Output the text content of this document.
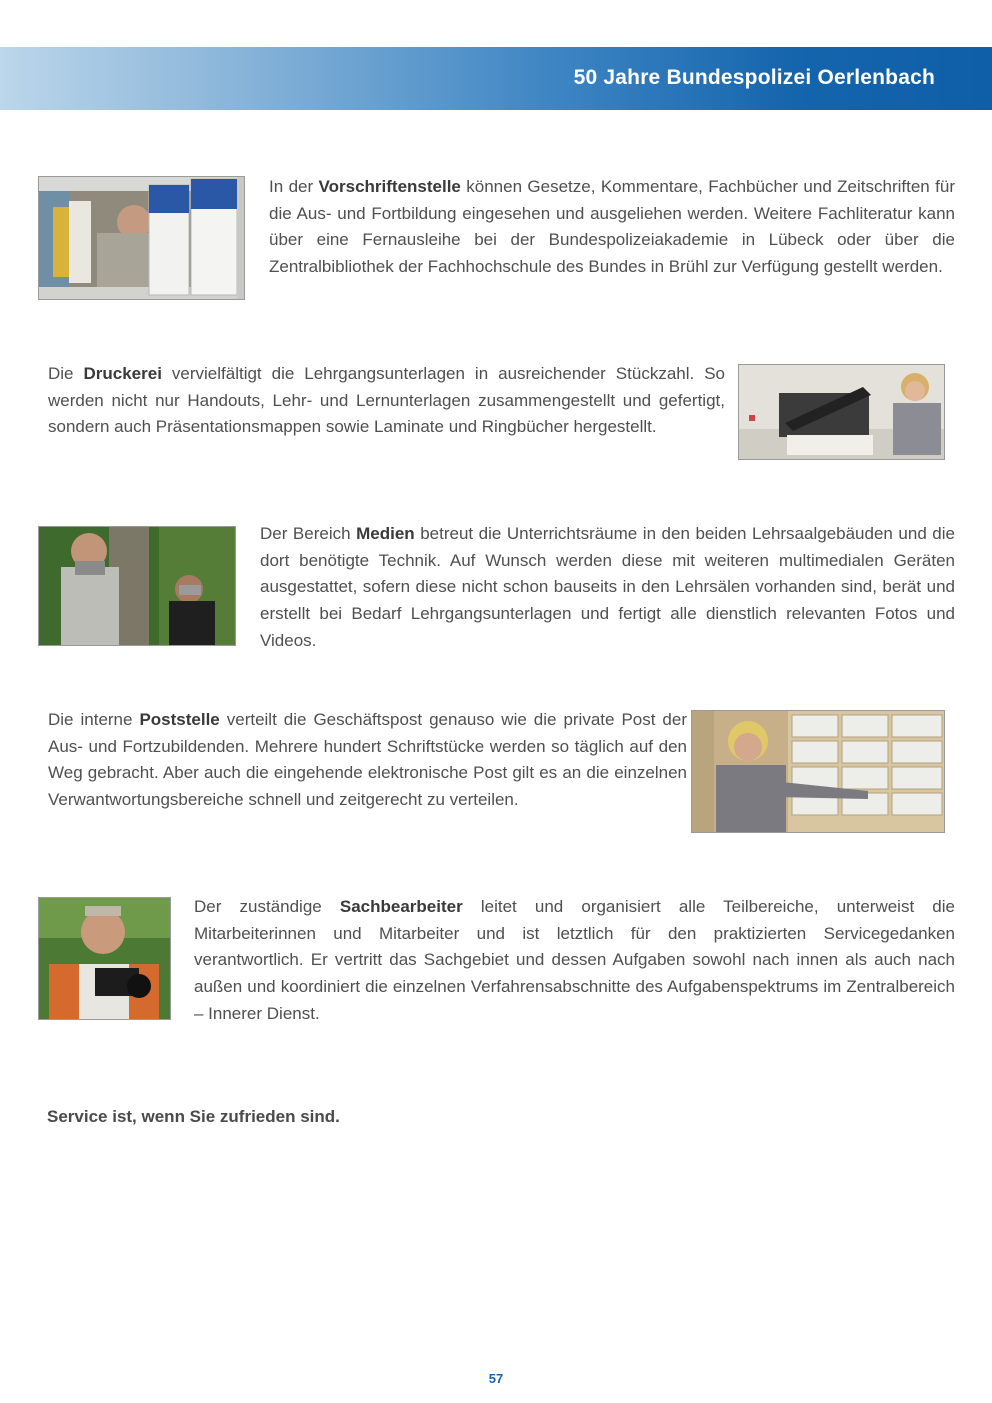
50 Jahre Bundespolizei Oerlenbach

In der Vorschriftenstelle können Gesetze, Kommentare, Fachbücher und Zeitschriften für die Aus- und Fortbildung eingesehen und ausgeliehen werden. Weitere Fachliteratur kann über eine Fernausleihe bei der Bundespolizeiakademie in Lübeck oder über die Zentralbibliothek der Fachhochschule des Bundes in Brühl zur Verfügung gestellt werden.

Die Druckerei vervielfältigt die Lehrgangsunterlagen in ausreichender Stückzahl. So werden nicht nur Handouts, Lehr- und Lernunterlagen zusammengestellt und gefertigt, sondern auch Präsentationsmappen sowie Laminate und Ringbücher hergestellt.

Der Bereich Medien betreut die Unterrichtsräume in den beiden Lehrsaalgebäuden und die dort benötigte Technik. Auf Wunsch werden diese mit weiteren multimedialen Geräten ausgestattet, sofern diese nicht schon bauseits in den Lehrsälen vorhanden sind, berät und erstellt bei Bedarf Lehrgangsunterlagen und fertigt alle dienstlich relevanten Fotos und Videos.

Die interne Poststelle verteilt die Geschäftspost genauso wie die private Post der Aus- und Fortzubildenden. Mehrere hundert Schriftstücke werden so täglich auf den Weg gebracht. Aber auch die eingehende elektronische Post gilt es an die einzelnen Verwantwortungsbereiche schnell und zeitgerecht zu verteilen.

Der zuständige Sachbearbeiter leitet und organisiert alle Teilbereiche, unterweist die Mitarbeiterinnen und Mitarbeiter und ist letztlich für den praktizierten Servicegedanken verantwortlich. Er vertritt das Sachgebiet und dessen Aufgaben sowohl nach innen als auch nach außen und koordiniert die einzelnen Verfahrensabschnitte des Aufgabenspektrums im Zentralbereich – Innerer Dienst.

Service ist, wenn Sie zufrieden sind.

57
